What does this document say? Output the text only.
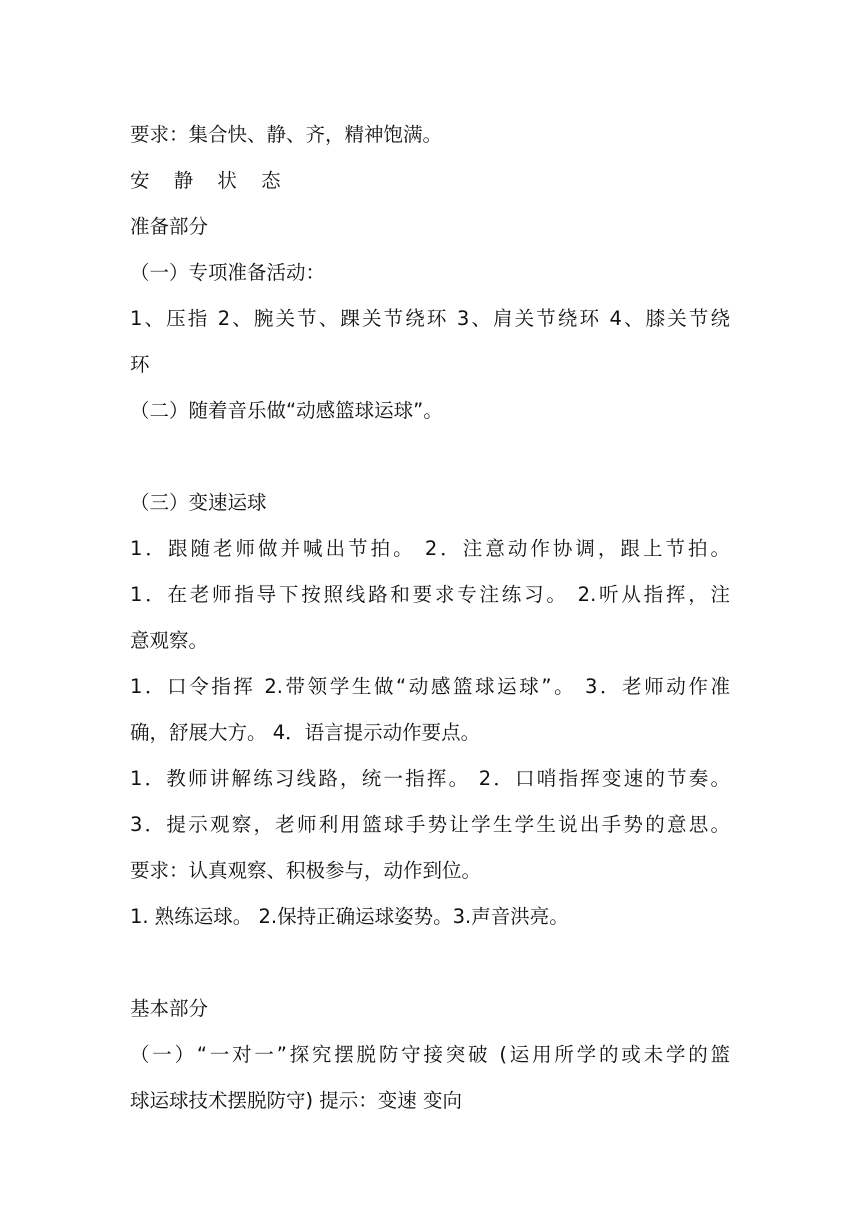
要求：集合快、静、齐，精神饱满。
安 静 状 态
准备部分
（一）专项准备活动：
1、压指 2、腕关节、踝关节绕环 3、肩关节绕环 4、膝关节绕
环
（二）随着音乐做“动感篮球运球”。
（三）变速运球
1．跟随老师做并喊出节拍。 2．注意动作协调，跟上节拍。
1．在老师指导下按照线路和要求专注练习。 2.听从指挥，注
意观察。
1．口令指挥 2.带领学生做“动感篮球运球”。 3．老师动作准
确，舒展大方。 4．语言提示动作要点。
1．教师讲解练习线路，统一指挥。 2．口哨指挥变速的节奏。
3．提示观察，老师利用篮球手势让学生学生说出手势的意思。
要求：认真观察、积极参与，动作到位。
1. 熟练运球。 2.保持正确运球姿势。3.声音洪亮。
基本部分
（一）“一对一”探究摆脱防守接突破 (运用所学的或未学的篮
球运球技术摆脱防守) 提示：变速 变向
